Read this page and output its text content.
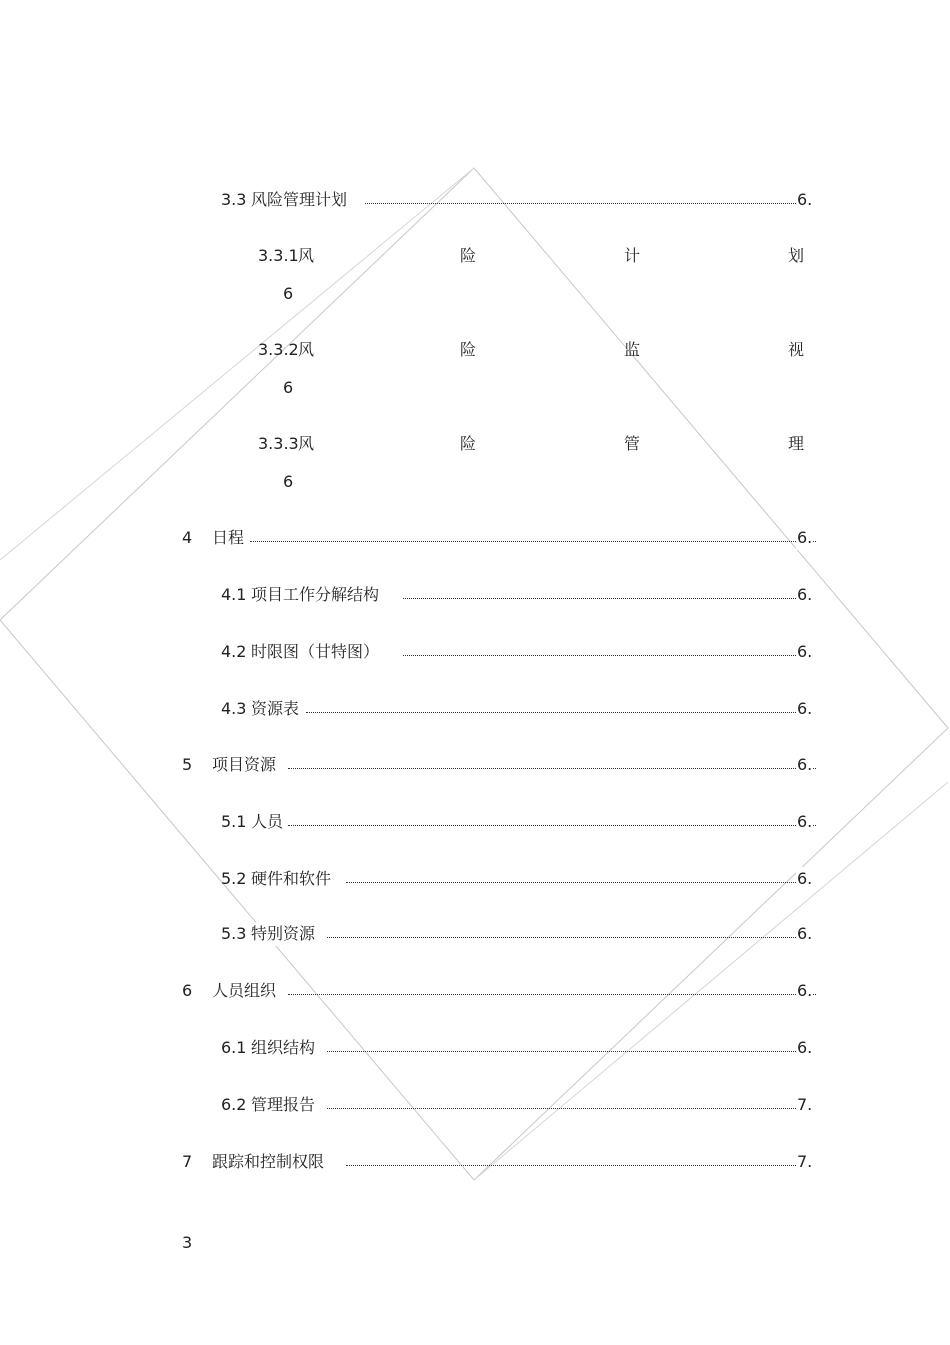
3.3 风险管理计划	6.
3.3.1 风	险	计	划
6
3.3.2 风	险	监	视
6
3.3.3 风	险	管	理
6
4 日程	6.
4.1 项目工作分解结构	6.
4.2 时限图（甘特图）	6.
4.3 资源表	6.
5 项目资源	6.
5.1 人员	6.
5.2 硬件和软件	6.
5.3 特别资源	6.
6 人员组织	6.
6.1 组织结构	6.
6.2 管理报告	7.
7 跟踪和控制权限	7.
3
